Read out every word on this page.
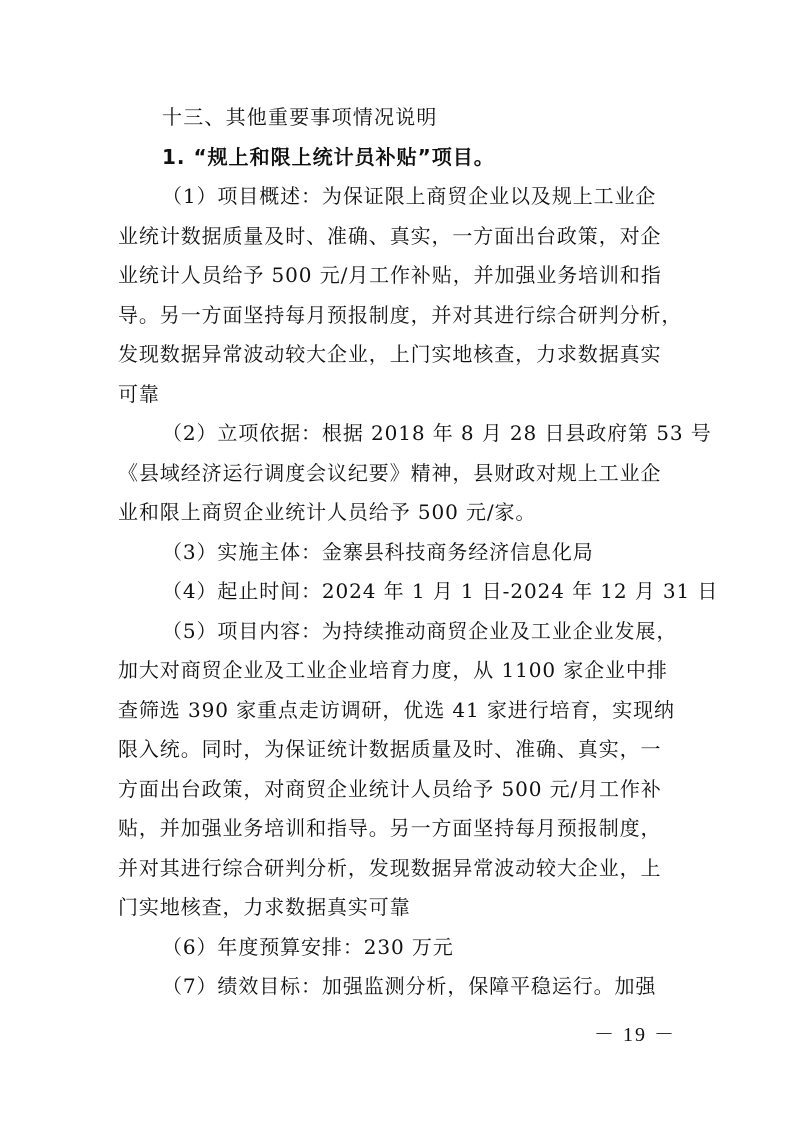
十三、其他重要事项情况说明
1. “规上和限上统计员补贴”项目。

（1）项目概述：为保证限上商贸企业以及规上工业企

业统计数据质量及时、准确、真实，一方面出台政策，对企

业统计人员给予 500 元/月工作补贴，并加强业务培训和指

导。另一方面坚持每月预报制度，并对其进行综合研判分析，

发现数据异常波动较大企业，上门实地核查，力求数据真实

可靠

（2）立项依据：根据 2018 年 8 月 28 日县政府第 53 号

《县域经济运行调度会议纪要》精神，县财政对规上工业企

业和限上商贸企业统计人员给予 500 元/家。

（3）实施主体：金寨县科技商务经济信息化局

（4）起止时间：2024 年 1 月 1 日-2024 年 12 月 31 日

（5）项目内容：为持续推动商贸企业及工业企业发展，

加大对商贸企业及工业企业培育力度，从 1100 家企业中排

查筛选 390 家重点走访调研，优选 41 家进行培育，实现纳

限入统。同时，为保证统计数据质量及时、准确、真实，一

方面出台政策，对商贸企业统计人员给予 500 元/月工作补

贴，并加强业务培训和指导。另一方面坚持每月预报制度，

并对其进行综合研判分析，发现数据异常波动较大企业，上

门实地核查，力求数据真实可靠

（6）年度预算安排：230 万元

（7）绩效目标：加强监测分析，保障平稳运行。加强

－ 19 －
